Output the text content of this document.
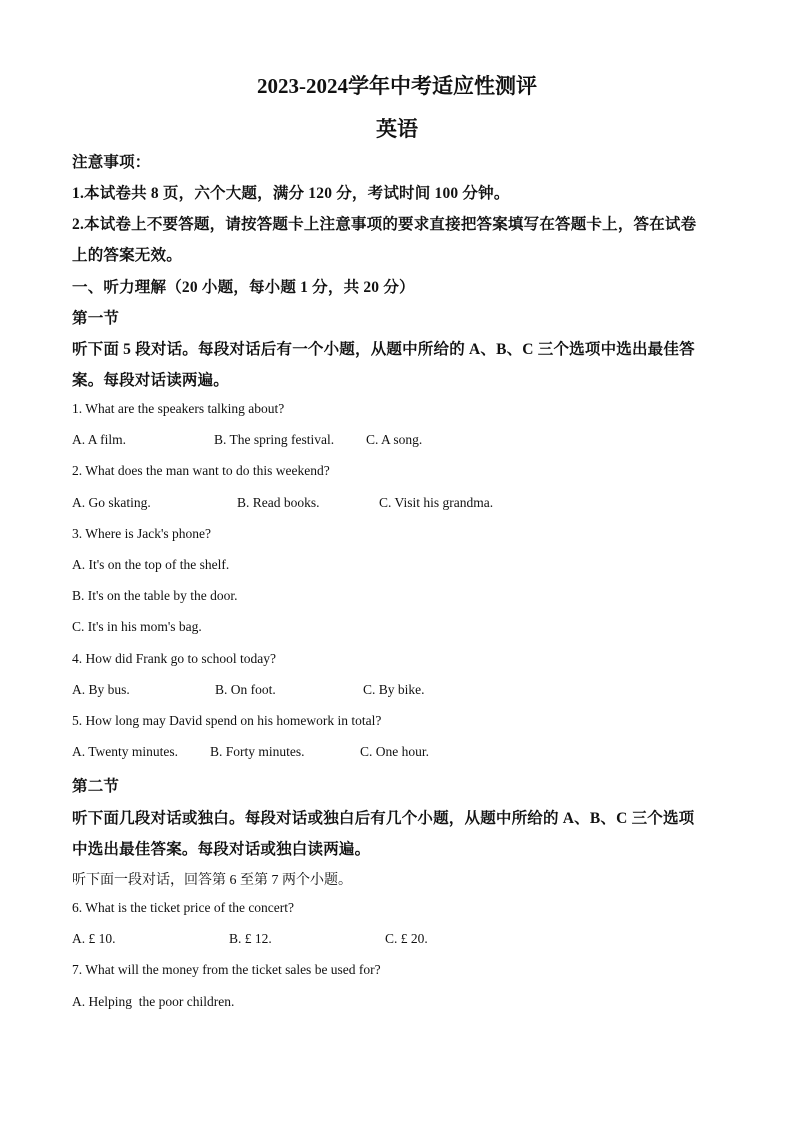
2023-2024学年中考适应性测评
英语
注意事项：
1.本试卷共 8 页，六个大题，满分 120 分，考试时间 100 分钟。
2.本试卷上不要答题，请按答题卡上注意事项的要求直接把答案填写在答题卡上，答在试卷
上的答案无效。
一、听力理解（20 小题，每小题 1 分，共 20 分）
第一节
听下面 5 段对话。每段对话后有一个小题，从题中所给的 A、B、C 三个选项中选出最佳答
案。每段对话读两遍。
1. What are the speakers talking about?
A. A film.	B. The spring festival. C. A song.
2. What does the man want to do this weekend?
A. Go skating.	B. Read books.	C. Visit his grandma.
3. Where is Jack's phone?
A. It's on the top of the shelf.
B. It's on the table by the door.
C. It's in his mom's bag.
4. How did Frank go to school today?
A. By bus.	B. On foot.	C. By bike.
5. How long may David spend on his homework in total?
A. Twenty minutes. B. Forty minutes.	C. One hour.
第二节
听下面几段对话或独白。每段对话或独白后有几个小题，从题中所给的 A、B、C 三个选项
中选出最佳答案。每段对话或独白读两遍。
听下面一段对话，回答第 6 至第 7 两个小题。
6. What is the ticket price of the concert?
A. £ 10.	B. £ 12.	C. £ 20.
7. What will the money from the ticket sales be used for?
A. Helping  the poor children.
